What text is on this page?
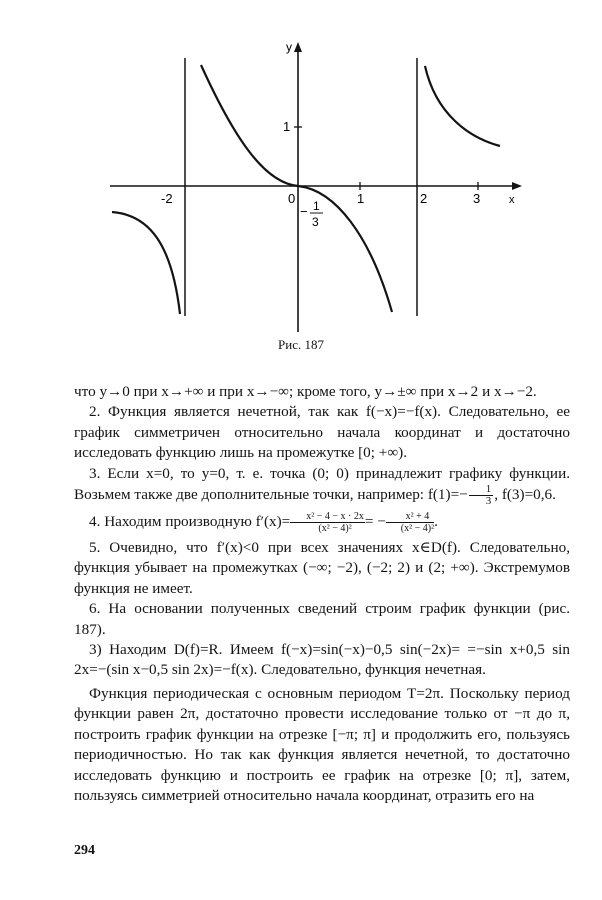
-2	0	1	2	3
1
x
y
− 1
3
Рис. 187

что y→0 при x→+∞ и при x→−∞; кроме того, y→±∞ при x→2 и x→−2.

2. Функция является нечетной, так как f(−x)=−f(x). Следовательно, ее график симметричен относительно начала координат и достаточно исследовать функцию лишь на промежутке [0; +∞).

3. Если x=0, то y=0, т. е. точка (0; 0) принадлежит графику функции. Возьмем также две дополнительные точки, например: $f(1)=- \frac{1}{3}$ , f(3)=0,6.

4. Находим производную $f'(x)= \frac{\text{x² − 4 − x · 2x}}{\text{(x² − 4)²}}$ = − $\frac{\text{x² + 4}}{\text{(x² − 4)²}}$ .

5. Очевидно, что f′(x)<0 при всех значениях x∈D(f). Следовательно, функция убывает на промежутках (−∞; −2), (−2; 2) и (2; +∞). Экстремумов функция не имеет.

6. На основании полученных сведений строим график функции (рис. 187).

3) Находим D(f)=R. Имеем f(−x)=sin(−x)−0,5 sin(−2x)= =−sin x+0,5 sin 2x=−(sin x−0,5 sin 2x)=−f(x). Следовательно, функция нечетная.

Функция периодическая с основным периодом T=2π. Поскольку период функции равен 2π, достаточно провести исследование только от −π до π, построить график функции на отрезке [−π; π] и продолжить его, пользуясь периодичностью. Но так как функция является нечетной, то достаточно исследовать функцию и построить ее график на отрезке [0; π], затем, пользуясь симметрией относительно начала координат, отразить его на

294
